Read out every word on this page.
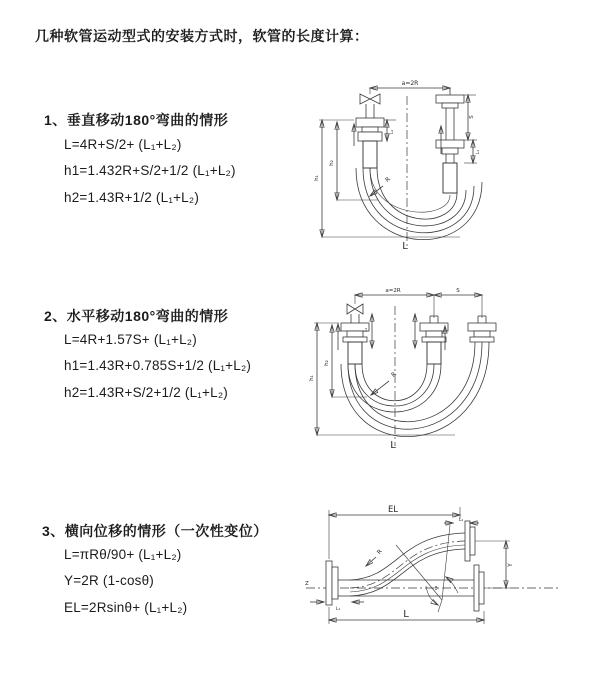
几种软管运动型式的安装方式时，软管的长度计算：
1、垂直移动180°弯曲的情形
L=4R+S/2+ (L₁+L₂)
h1=1.432R+S/2+1/2 (L₁+L₂)
h2=1.43R+1/2 (L₁+L₂)
2、水平移动180°弯曲的情形
L=4R+1.57S+ (L₁+L₂)
h1=1.43R+0.785S+1/2 (L₁+L₂)
h2=1.43R+S/2+1/2 (L₁+L₂)
3、横向位移的情形（一次性变位）
L=πRθ/90+ (L₁+L₂)
Y=2R (1-cosθ)
EL=2Rsinθ+ (L₁+L₂)
a=2R
L₁
S
L₁
R
h₁
h₂
L
a=2R	S
L₁
R
h₁
h₂
L
Z
EL
L₂
Y
R
θ
L
L₁
